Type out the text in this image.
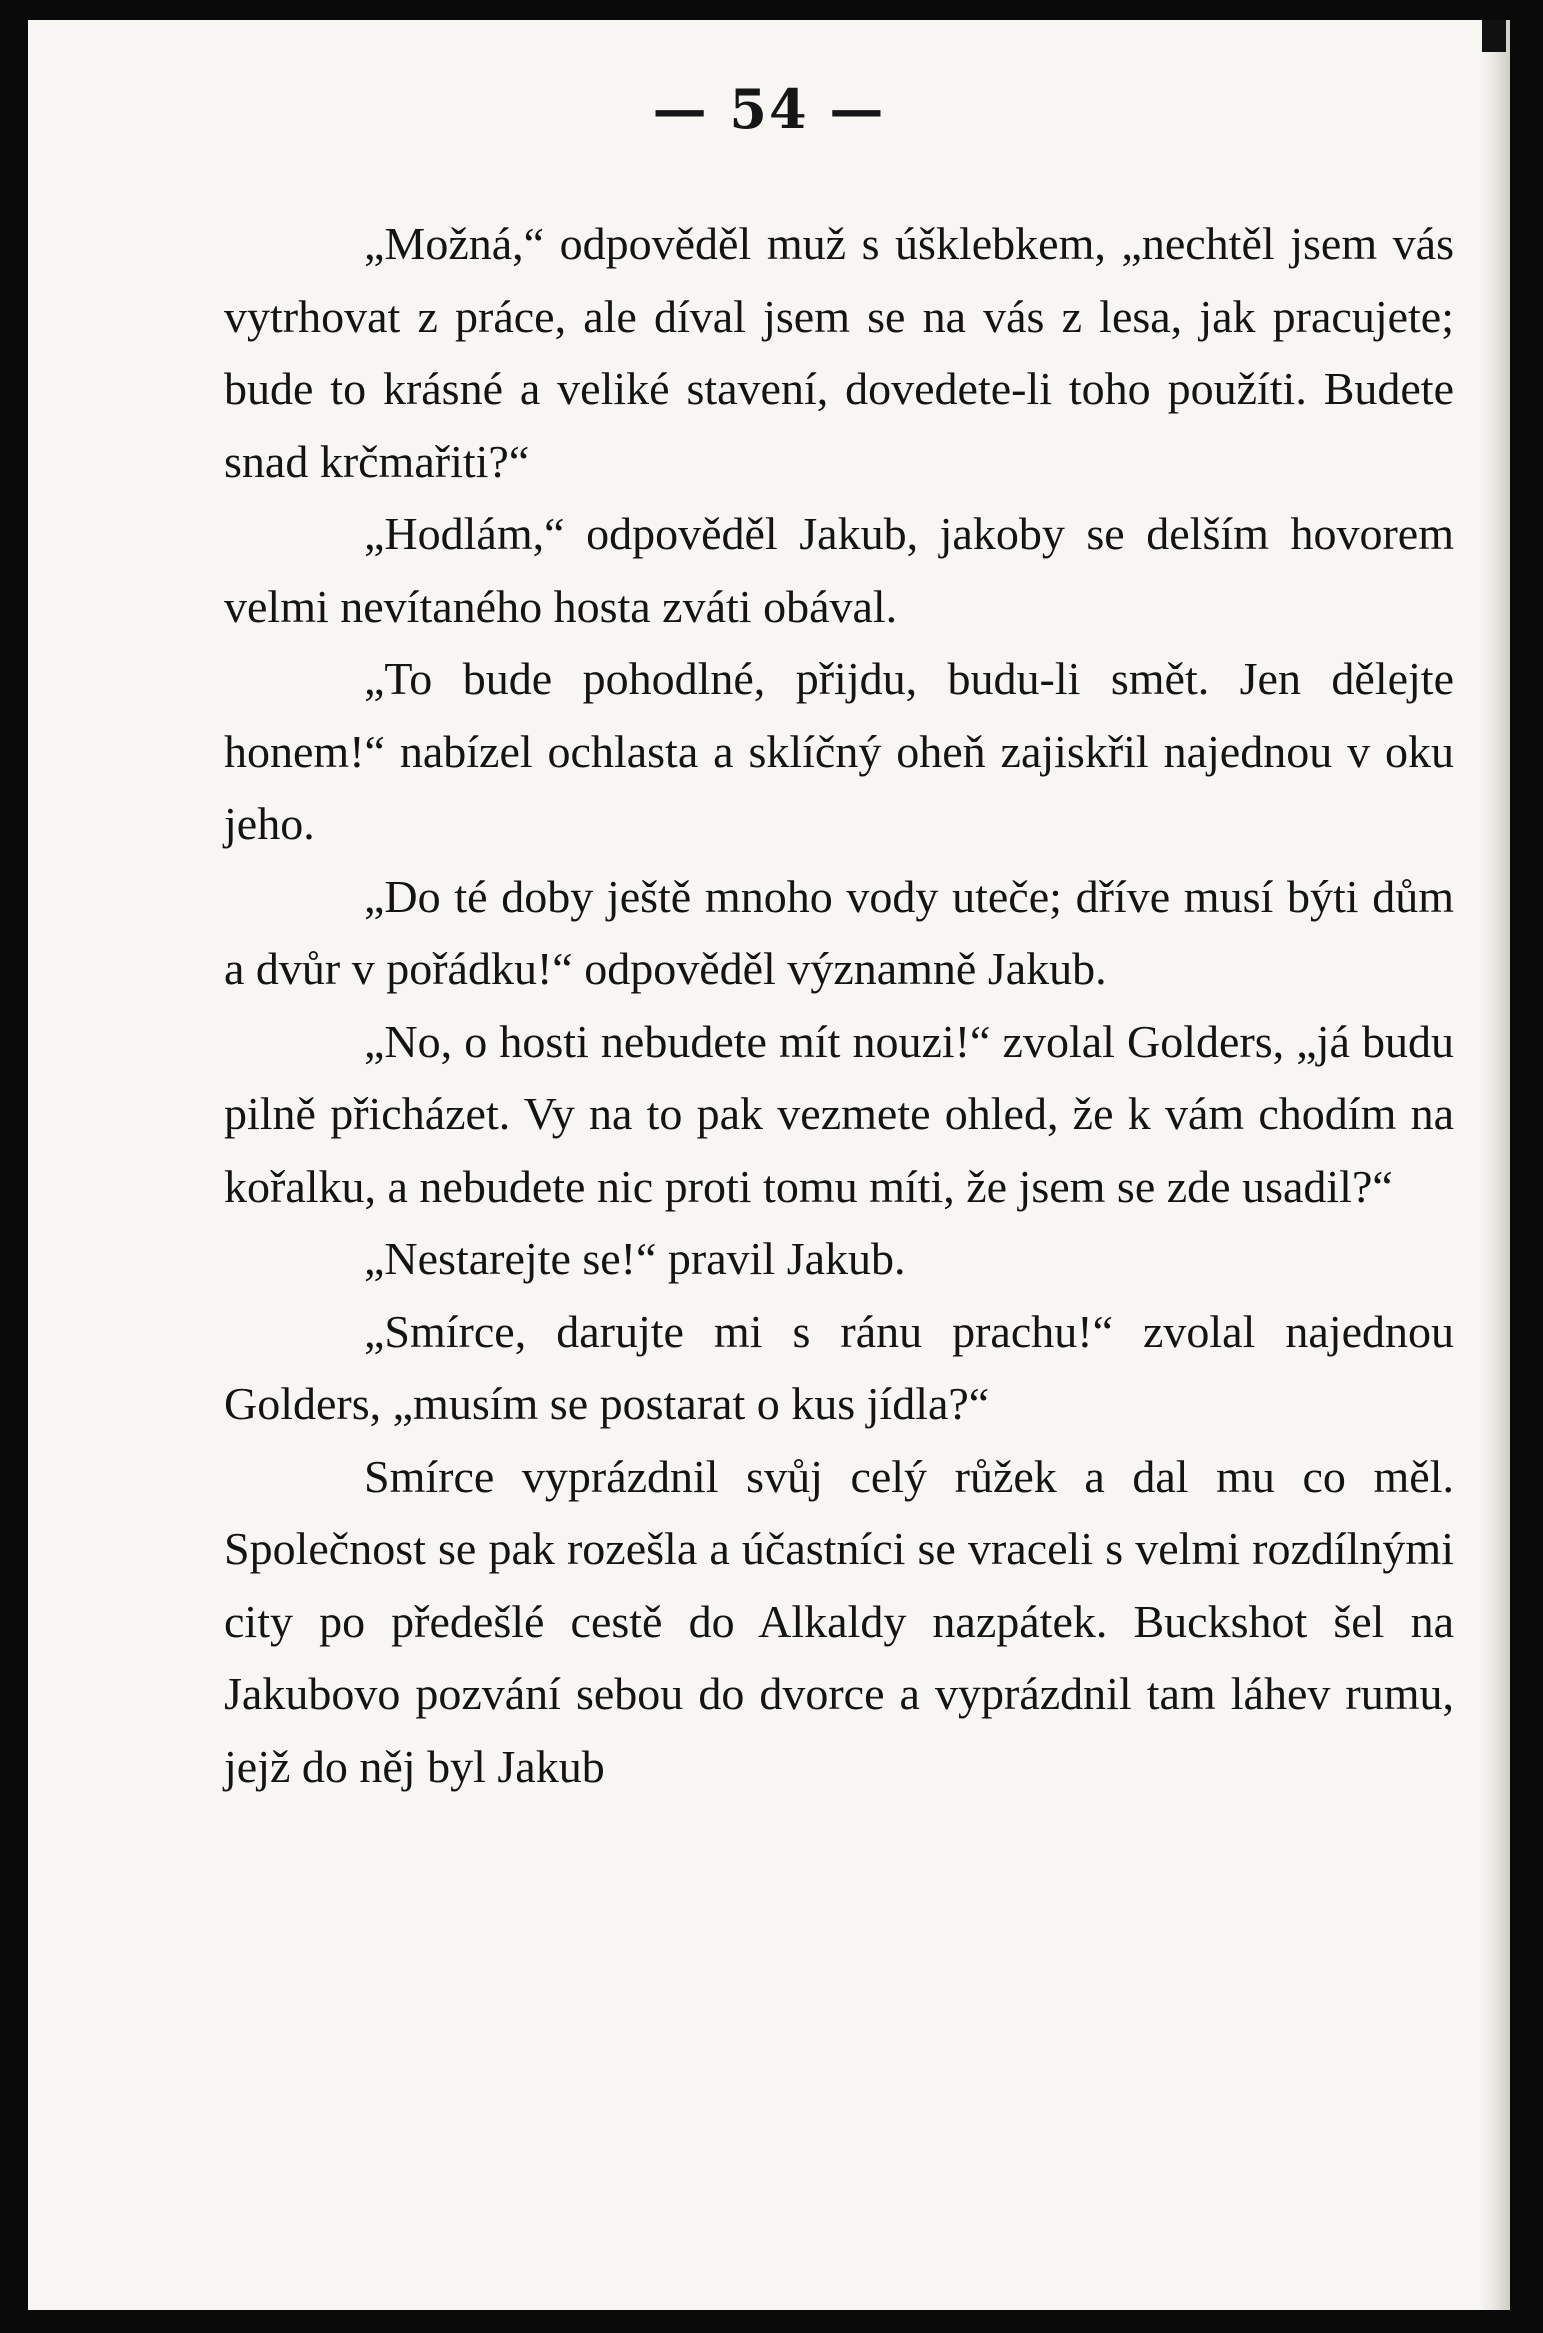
— 54 —

„Možná,“ odpověděl muž s úšklebkem, „nechtěl jsem vás vytrhovat z práce, ale díval jsem se na vás z lesa, jak pracujete; bude to krásné a veliké stavení, dovedete-li toho použíti. Budete snad krčmařiti?“

„Hodlám,“ odpověděl Jakub, jakoby se delším hovorem velmi nevítaného hosta zváti obával.

„To bude pohodlné, přijdu, budu-li smět. Jen dělejte honem!“ nabízel ochlasta a sklíčný oheň zajiskřil najednou v oku jeho.

„Do té doby ještě mnoho vody uteče; dříve musí býti dům a dvůr v pořádku!“ odpověděl významně Jakub.

„No, o hosti nebudete mít nouzi!“ zvolal Golders, „já budu pilně přicházet. Vy na to pak vezmete ohled, že k vám chodím na kořalku, a nebudete nic proti tomu míti, že jsem se zde usadil?“

„Nestarejte se!“ pravil Jakub.

„Smírce, darujte mi s ránu prachu!“ zvolal najednou Golders, „musím se postarat o kus jídla?“

Smírce vyprázdnil svůj celý růžek a dal mu co měl. Společnost se pak rozešla a účastníci se vraceli s velmi rozdílnými city po předešlé cestě do Alkaldy nazpátek. Buckshot šel na Jakubovo pozvání sebou do dvorce a vyprázdnil tam láhev rumu, jejž do něj byl Jakub
